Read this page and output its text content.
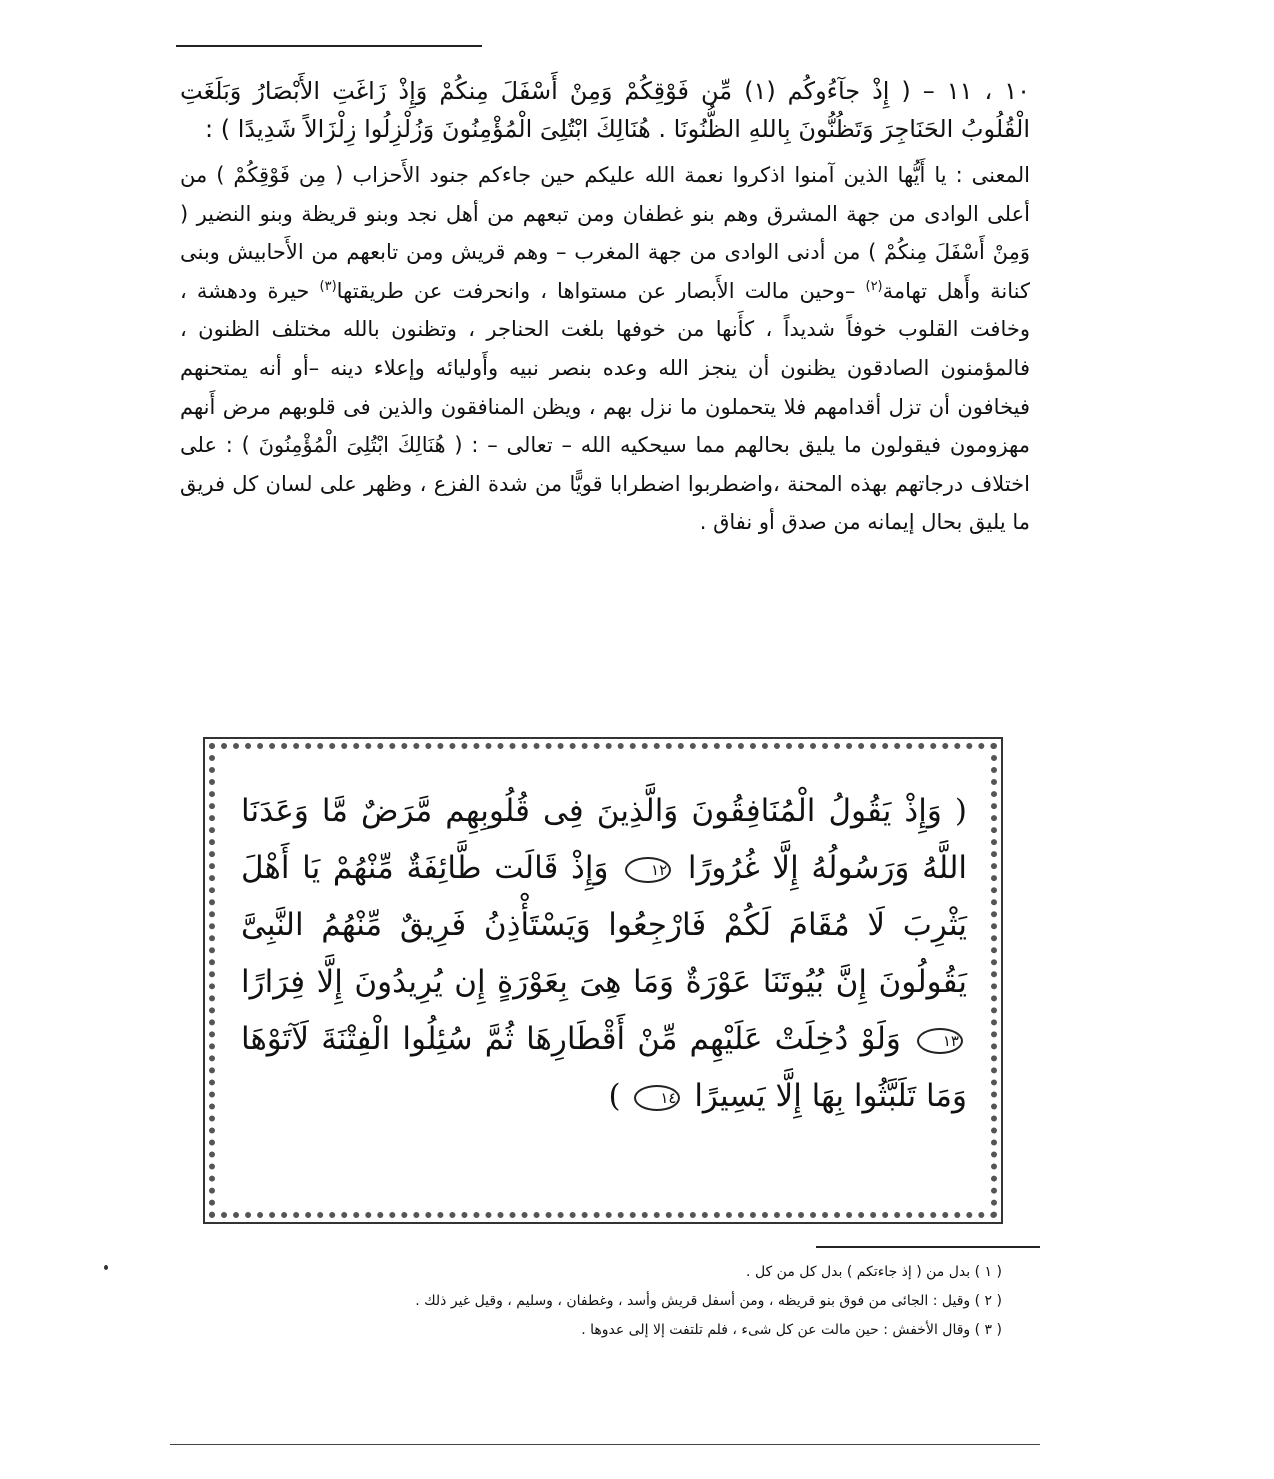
١٠ ، ١١ – ( إِذْ جآءُوكُم (١) مِّن فَوْقِكُمْ وَمِنْ أَسْفَلَ مِنكُمْ وَإِذْ زَاغَتِ الأَبْصَارُ وَبَلَغَتِ الْقُلُوبُ الحَنَاجِرَ وَتَظُنُّونَ بِاللهِ الظُّنُونَا . هُنَالِكَ ابْتُلِىَ الْمُؤْمِنُونَ وَزُلْزِلُوا زِلْزَالاً شَدِيدًا ) :

المعنى : يا أَيُّها الذين آمنوا اذكروا نعمة الله عليكم حين جاءكم جنود الأَحزاب ( مِن فَوْقِكُمْ ) من أعلى الوادى من جهة المشرق وهم بنو غطفان ومن تبعهم من أهل نجد وبنو قريظة وبنو النضير ( وَمِنْ أَسْفَلَ مِنكُمْ ) من أدنى الوادى من جهة المغرب – وهم قريش ومن تابعهم من الأَحابيش وبنى كنانة وأَهل تهامة$^{(٢)}$ –وحين مالت الأَبصار عن مستواها ، وانحرفت عن طريقتها$^{(٣)}$ حيرة ودهشة ، وخافت القلوب خوفاً شديداً ، كأَنها من خوفها بلغت الحناجر ، وتظنون بالله مختلف الظنون ، فالمؤمنون الصادقون يظنون أن ينجز الله وعده بنصر نبيه وأَوليائه وإعلاء دينه –أو أنه يمتحنهم فيخافون أن تزل أقدامهم فلا يتحملون ما نزل بهم ، ويظن المنافقون والذين فى قلوبهم مرض أَنهم مهزومون فيقولون ما يليق بحالهم مما سيحكيه الله – تعالى – : ( هُنَالِكَ ابْتُلِىَ الْمُؤْمِنُونَ ) : على اختلاف درجاتهم بهذه المحنة ،واضطربوا اضطرابا قويًّا من شدة الفزع ، وظهر على لسان كل فريق ما يليق بحال إيمانه من صدق أو نفاق .

( وَإِذْ يَقُولُ الْمُنَافِقُونَ وَالَّذِينَ فِى قُلُوبِهِم مَّرَضٌ مَّا وَعَدَنَا اللَّهُ وَرَسُولُهُ إِلَّا غُرُورًا ١٢ وَإِذْ قَالَت طَّائِفَةٌ مِّنْهُمْ يَا أَهْلَ يَثْرِبَ لَا مُقَامَ لَكُمْ فَارْجِعُوا وَيَسْتَأْذِنُ فَرِيقٌ مِّنْهُمُ النَّبِىَّ يَقُولُونَ إِنَّ بُيُوتَنَا عَوْرَةٌ وَمَا هِىَ بِعَوْرَةٍ إِن يُرِيدُونَ إِلَّا فِرَارًا ١٣ وَلَوْ دُخِلَتْ عَلَيْهِم مِّنْ أَقْطَارِهَا ثُمَّ سُئِلُوا الْفِتْنَةَ لَآتَوْهَا وَمَا تَلَبَّثُوا بِهَا إِلَّا يَسِيرًا ١٤ )

( ١ ) بدل من ( إذ جاءتكم ) بدل كل من كل .

( ٢ ) وقيل : الجائى من فوق بنو قريظه ، ومن أسفل قريش وأسد ، وغطفان ، وسليم ، وقيل غير ذلك .

( ٣ ) وقال الأخفش : حين مالت عن كل شىء ، فلم تلتفت إلا إلى عدوها .
